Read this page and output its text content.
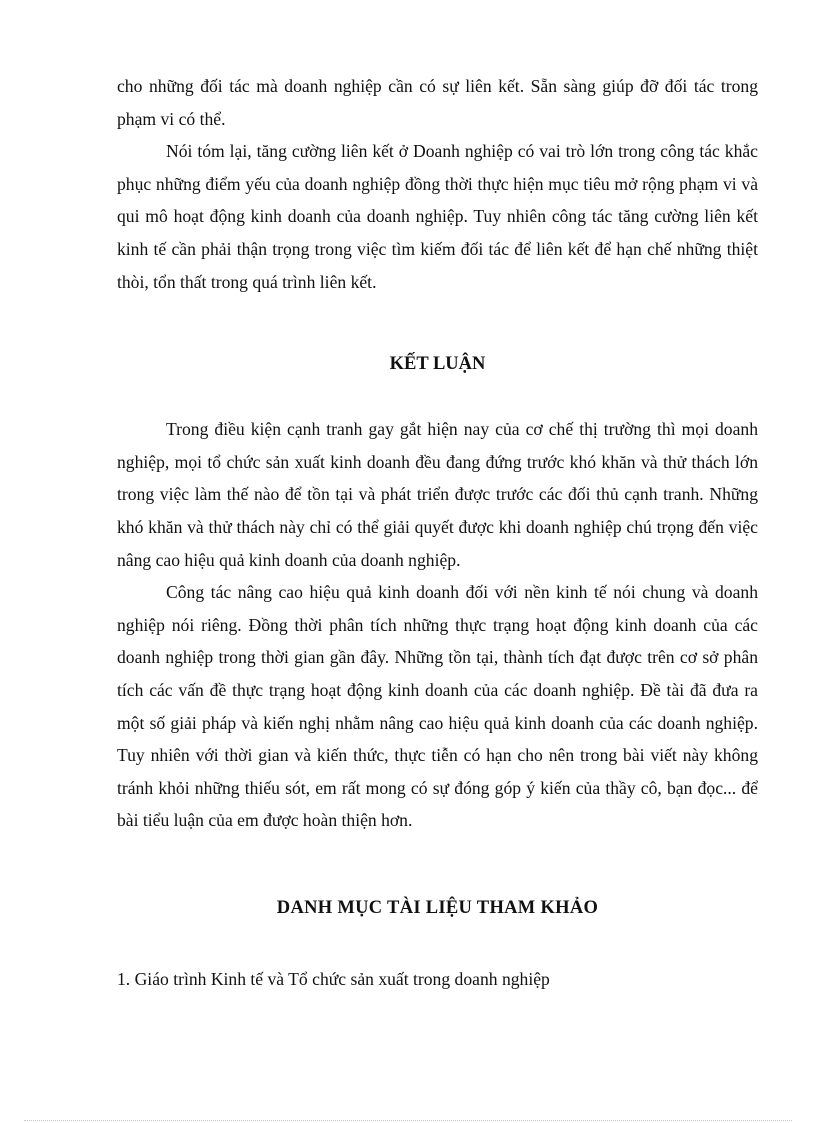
cho những đối tác mà doanh nghiệp cần có sự liên kết. Sẵn sàng giúp đỡ đối tác trong phạm vi có thể.

Nói tóm lại, tăng cường liên kết ở Doanh nghiệp có vai trò lớn trong công tác khắc phục những điểm yếu của doanh nghiệp đồng thời thực hiện mục tiêu mở rộng phạm vi và qui mô hoạt động kinh doanh của doanh nghiệp. Tuy nhiên công tác tăng cường liên kết kinh tế cần phải thận trọng trong việc tìm kiếm đối tác để liên kết để hạn chế những thiệt thòi, tổn thất trong quá trình liên kết.

KẾT LUẬN

Trong điều kiện cạnh tranh gay gắt hiện nay của cơ chế thị trường thì mọi doanh nghiệp, mọi tổ chức sản xuất kinh doanh đều đang đứng trước khó khăn và thử thách lớn trong việc làm thế nào để tồn tại và phát triển được trước các đối thủ cạnh tranh. Những khó khăn và thử thách này chỉ có thể giải quyết được khi doanh nghiệp chú trọng đến việc nâng cao hiệu quả kinh doanh của doanh nghiệp.

Công tác nâng cao hiệu quả kinh doanh đối với nền kinh tế nói chung và doanh nghiệp nói riêng. Đồng thời phân tích những thực trạng hoạt động kinh doanh của các doanh nghiệp trong thời gian gần đây. Những tồn tại, thành tích đạt được trên cơ sở phân tích các vấn đề thực trạng hoạt động kinh doanh của các doanh nghiệp. Đề tài đã đưa ra một số giải pháp và kiến nghị nhằm nâng cao hiệu quả kinh doanh của các doanh nghiệp. Tuy nhiên với thời gian và kiến thức, thực tiễn có hạn cho nên trong bài viết này không tránh khỏi những thiếu sót, em rất mong có sự đóng góp ý kiến của thầy cô, bạn đọc... để bài tiểu luận của em được hoàn thiện hơn.

DANH MỤC TÀI LIỆU THAM KHẢO

1. Giáo trình Kinh tế và Tổ chức sản xuất trong doanh nghiệp
